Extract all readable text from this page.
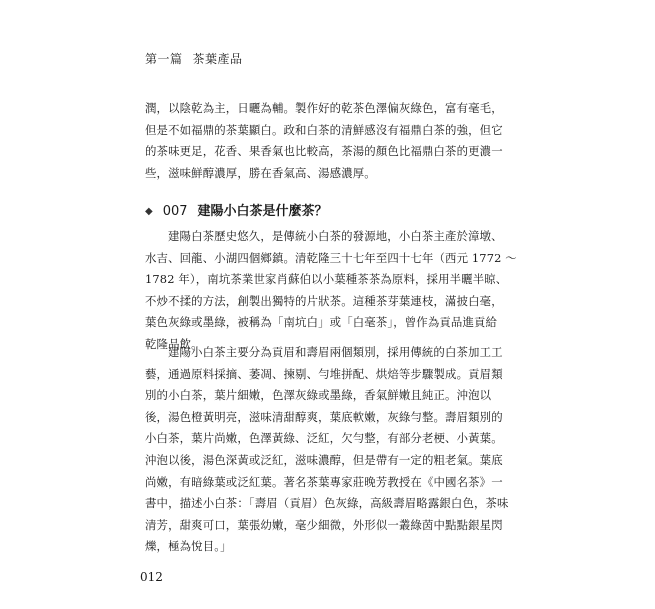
第一篇 茶葉產品
潤，以陰乾為主，日曬為輔。製作好的乾茶色澤偏灰綠色，富有毫毛，
但是不如福鼎的茶葉顯白。政和白茶的清鮮感沒有福鼎白茶的強，但它
的茶味更足，花香、果香氣也比較高，茶湯的顏色比福鼎白茶的更濃一
些，滋味鮮醇濃厚，勝在香氣高、湯感濃厚。
◆ 007 建陽小白茶是什麼茶？
建陽白茶歷史悠久，是傳統小白茶的發源地，小白茶主產於漳墩、
水吉、回龍、小湖四個鄉鎮。清乾隆三十七年至四十七年（西元 1772 ～
1782 年），南坑茶業世家肖蘇伯以小葉種茶茶為原料，採用半曬半晾、
不炒不揉的方法，創製出獨特的片狀茶。這種茶芽葉連枝，滿披白毫，
葉色灰綠或墨綠，被稱為「南坑白」或「白毫茶」，曾作為貢品進貢給
乾隆品飲。
建陽小白茶主要分為貢眉和壽眉兩個類別，採用傳統的白茶加工工
藝，通過原料採摘、萎凋、揀剔、勻堆拼配、烘焙等步驟製成。貢眉類
別的小白茶，葉片細嫩，色澤灰綠或墨綠，香氣鮮嫩且純正。沖泡以
後，湯色橙黃明亮，滋味清甜醇爽，葉底軟嫩，灰綠勻整。壽眉類別的
小白茶，葉片尚嫩，色澤黃綠、泛紅，欠勻整，有部分老梗、小黃葉。
沖泡以後，湯色深黃或泛紅，滋味濃醇，但是帶有一定的粗老氣。葉底
尚嫩，有暗綠葉或泛紅葉。著名茶葉專家莊晚芳教授在《中國名茶》一
書中，描述小白茶：「壽眉（貢眉）色灰綠，高級壽眉略露銀白色，茶味
清芳，甜爽可口，葉張幼嫩，毫少細微，外形似一叢綠茵中點點銀星閃
爍，極為悅目。」
012
